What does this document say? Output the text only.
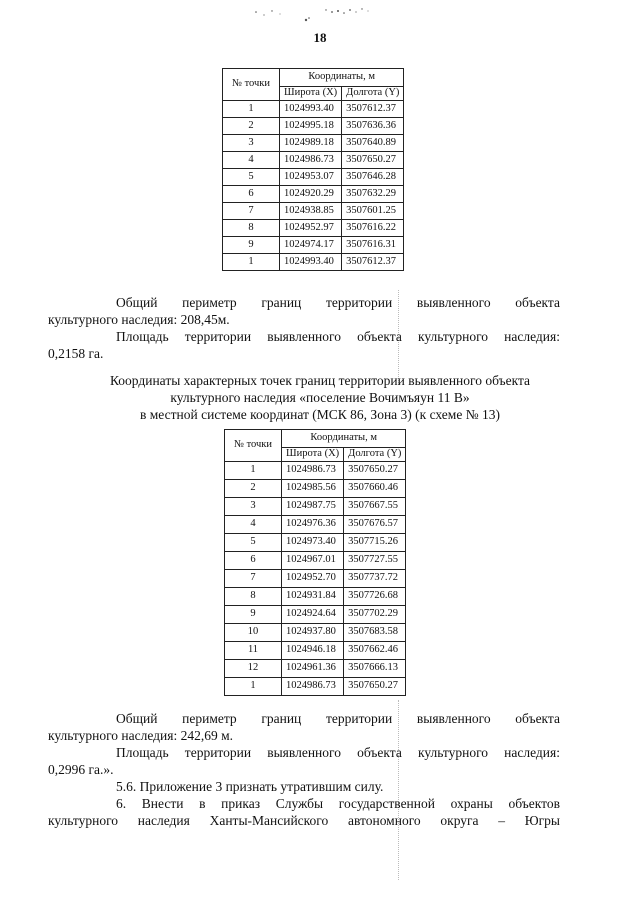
18
№ точки	Координаты, м	
	Широта (X)	Долгота (Y)
1	1024993.40	3507612.37
2	1024995.18	3507636.36
3	1024989.18	3507640.89
4	1024986.73	3507650.27
5	1024953.07	3507646.28
6	1024920.29	3507632.29
7	1024938.85	3507601.25
8	1024952.97	3507616.22
9	1024974.17	3507616.31
1	1024993.40	3507612.37
Общий периметр границ территории выявленного объекта
культурного наследия: 208,45м.
Площадь территории выявленного объекта культурного наследия:
0,2158 га.
Координаты характерных точек границ территории выявленного объекта
культурного наследия «поселение Вочимъяун 11 В»
в местной системе координат (МСК 86, Зона 3) (к схеме № 13)
№ точки	Координаты, м	
	Широта (X)	Долгота (Y)
1	1024986.73	3507650.27
2	1024985.56	3507660.46
3	1024987.75	3507667.55
4	1024976.36	3507676.57
5	1024973.40	3507715.26
6	1024967.01	3507727.55
7	1024952.70	3507737.72
8	1024931.84	3507726.68
9	1024924.64	3507702.29
10	1024937.80	3507683.58
11	1024946.18	3507662.46
12	1024961.36	3507666.13
1	1024986.73	3507650.27
Общий периметр границ территории выявленного объекта
культурного наследия: 242,69 м.
Площадь территории выявленного объекта культурного наследия:
0,2996 га.».
5.6. Приложение 3 признать утратившим силу.
6. Внести в приказ Службы государственной охраны объектов
культурного наследия Ханты-Мансийского автономного округа – Югры
